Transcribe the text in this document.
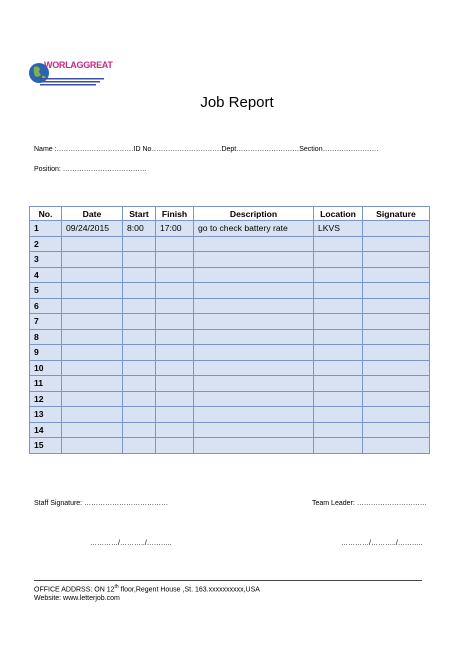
WORLAGGREAT
Job Report
Name :……………………………ID No…………………………Dept………………………Section……………………
Position: ………………………………
No.	Date	Start	Finish	Description	Location	Signature
1	09/24/2015	8:00	17:00	go to check battery rate	LKVS	
2						
3						
4						
5						
6						
7						
8						
9						
10						
11						
12						
13						
14						
15						
Staff Signature: ………………………………	Team Leader: …………………………
…………/………../………..	…………/………../………..
OFFICE ADDRSS: ON 12th floor,Regent House ,St. 163.xxxxxxxxxx,USA
Website: www.letterjob.com
